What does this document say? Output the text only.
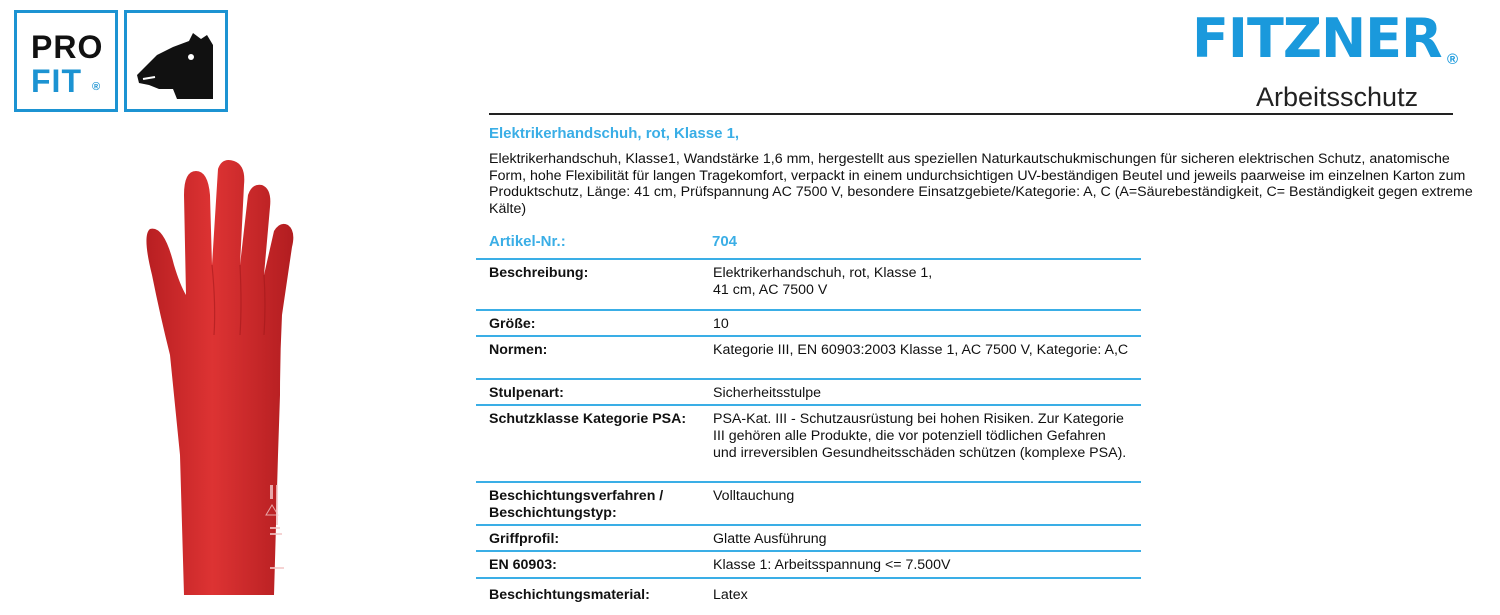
PRO
FIT ®
FITZNER ®
Arbeitsschutz
Elektrikerhandschuh, rot, Klasse 1,
Elektrikerhandschuh, Klasse1, Wandstärke 1,6 mm, hergestellt aus speziellen Naturkautschukmischungen für sicheren elektrischen Schutz, anatomische Form, hohe Flexibilität für langen Tragekomfort, verpackt in einem undurchsichtigen UV-beständigen Beutel und jeweils paarweise im einzelnen Karton zum Produktschutz, Länge: 41 cm, Prüfspannung AC 7500 V, besondere Einsatzgebiete/Kategorie: A, C (A=Säurebeständigkeit, C= Beständigkeit gegen extreme Kälte)
Artikel-Nr.:	704
Beschreibung:	Elektrikerhandschuh, rot, Klasse 1,
41 cm, AC 7500 V
Größe:	10
Normen:	Kategorie III, EN 60903:2003 Klasse 1, AC 7500 V, Kategorie: A,C
Stulpenart:	Sicherheitsstulpe
Schutzklasse Kategorie PSA:	PSA-Kat. III - Schutzausrüstung bei hohen Risiken. Zur Kategorie III gehören alle Produkte, die vor potenziell tödlichen Gefahren und irreversiblen Gesundheitsschäden schützen (komplexe PSA).
Beschichtungsverfahren / Beschichtungstyp:
Volltauchung
Griffprofil:	Glatte Ausführung
EN 60903:	Klasse 1: Arbeitsspannung <= 7.500V
Beschichtungsmaterial:	Latex
